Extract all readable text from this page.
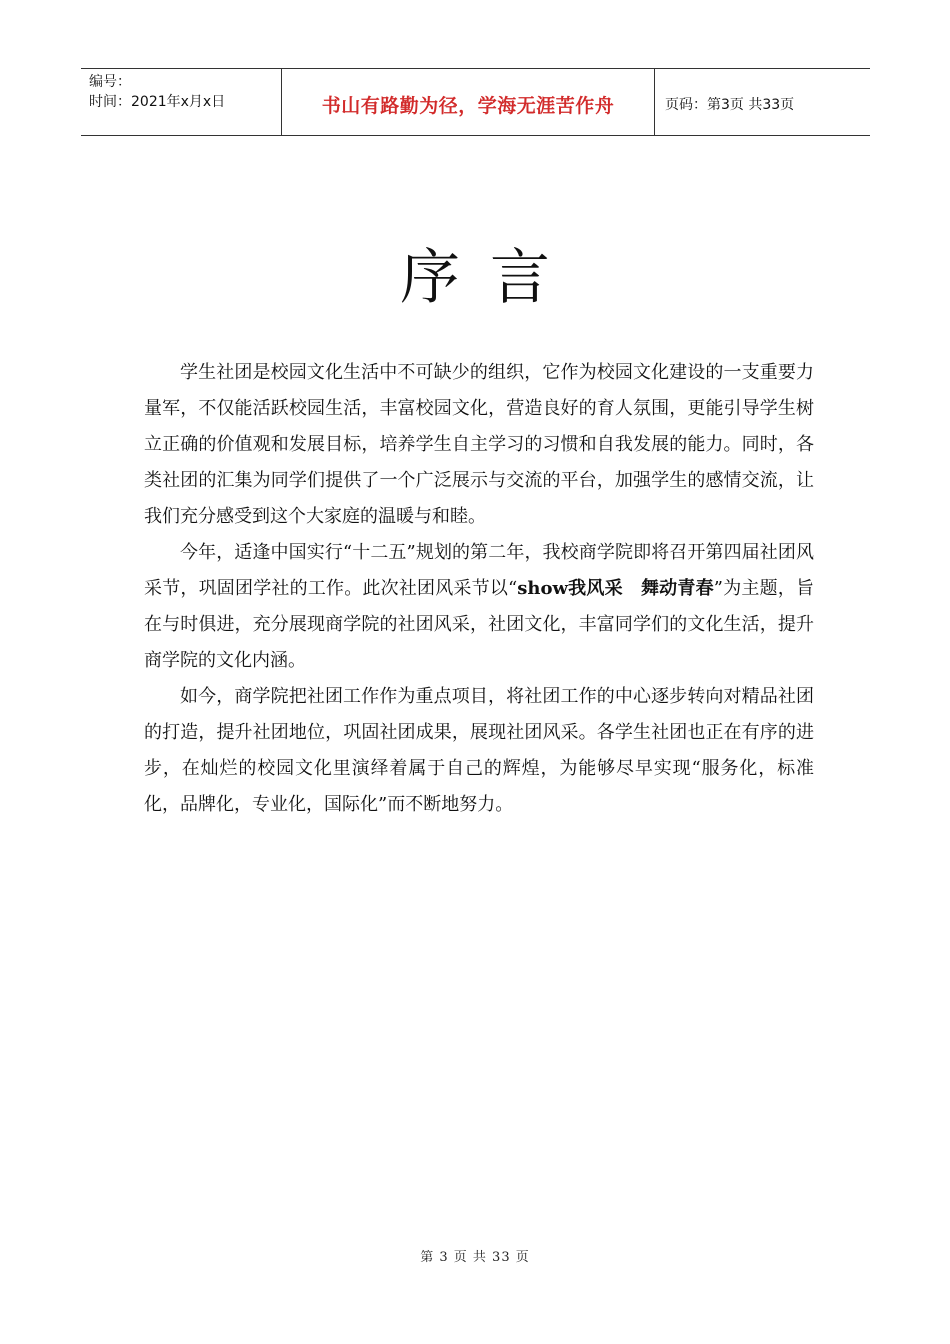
编号：
时间：2021年x月x日	书山有路勤为径，学海无涯苦作舟	页码：第3页 共33页
序 言

学生社团是校园文化生活中不可缺少的组织，它作为校园文化建设的一支重要力量军，不仅能活跃校园生活，丰富校园文化，营造良好的育人氛围，更能引导学生树立正确的价值观和发展目标，培养学生自主学习的习惯和自我发展的能力。同时，各类社团的汇集为同学们提供了一个广泛展示与交流的平台，加强学生的感情交流，让我们充分感受到这个大家庭的温暖与和睦。

今年，适逢中国实行“十二五”规划的第二年，我校商学院即将召开第四届社团风采节，巩固团学社的工作。此次社团风采节以“show我风采　舞动青春”为主题，旨在与时俱进，充分展现商学院的社团风采，社团文化，丰富同学们的文化生活，提升商学院的文化内涵。

如今，商学院把社团工作作为重点项目，将社团工作的中心逐步转向对精品社团的打造，提升社团地位，巩固社团成果，展现社团风采。各学生社团也正在有序的进步，在灿烂的校园文化里演绎着属于自己的辉煌，为能够尽早实现“服务化，标准化，品牌化，专业化，国际化”而不断地努力。

第 3 页 共 33 页
